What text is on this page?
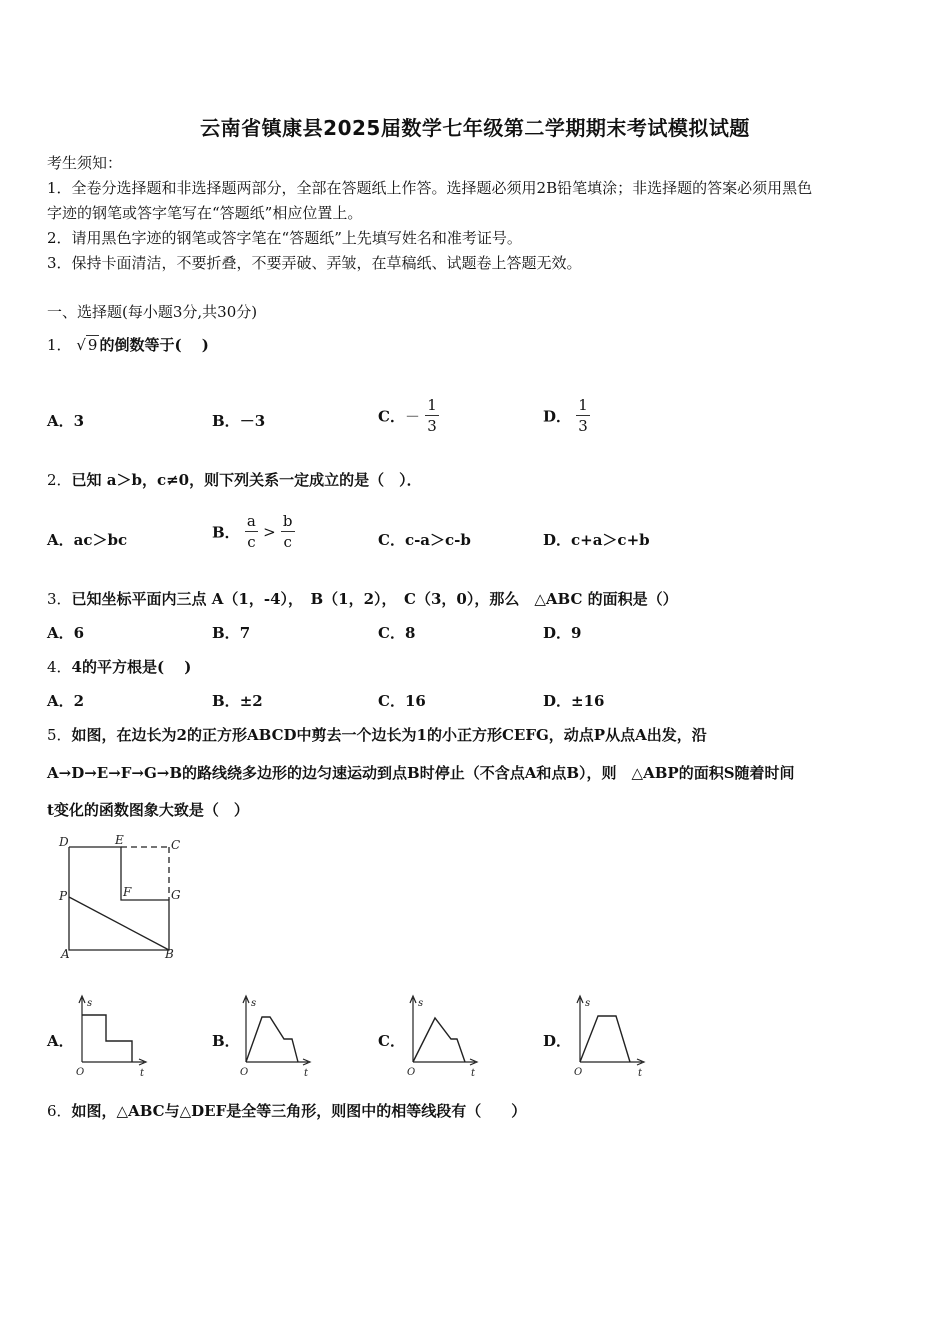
云南省镇康县2025届数学七年级第二学期期末考试模拟试题
考生须知：
1．全卷分选择题和非选择题两部分，全部在答题纸上作答。选择题必须用2B铅笔填涂；非选择题的答案必须用黑色
字迹的钢笔或答字笔写在“答题纸”相应位置上。
2．请用黑色字迹的钢笔或答字笔在“答题纸”上先填写姓名和准考证号。
3．保持卡面清洁，不要折叠，不要弄破、弄皱，在草稿纸、试题卷上答题无效。
一、选择题(每小题3分,共30分)
1． √ 9 的倒数等于(　 )
A．3	B．－3	C．－ $\frac{1}{3}$	D． $\frac{1}{3}$
2．已知 a＞b，c≠0，则下列关系一定成立的是（　）．
A．ac＞bc	B． $\frac{a}{c} > \frac{b}{c}$	C．c-a＞c-b	D．c+a＞c+b
3．已知坐标平面内三点 A（1，-4），　B（1，2），　C（3，0），那么　△ABC 的面积是（）
A．6	B．7	C．8	D．9
4．4的平方根是(　 )
A．2	B．±2	C．16	D．±16
5．如图，在边长为2的正方形ABCD中剪去一个边长为1的小正方形CEFG，动点P从点A出发，沿
A→D→E→F→G→B的路线绕多边形的边匀速运动到点B时停止（不含点A和点B），则　△ABP的面积S随着时间
t变化的函数图象大致是（　）
D	E	C
F	G
P
A	B
A．	B．	C．	D．
s
O	t
s
O	t
s
O	t
s
O	t
6．如图，△ABC与△DEF是全等三角形，则图中的相等线段有（　　）
